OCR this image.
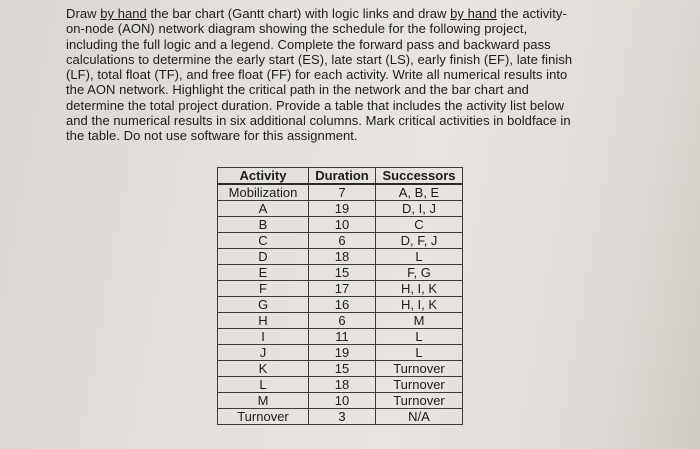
Draw by hand the bar chart (Gantt chart) with logic links and draw by hand the activity-
on-node (AON) network diagram showing the schedule for the following project,
including the full logic and a legend. Complete the forward pass and backward pass
calculations to determine the early start (ES), late start (LS), early finish (EF), late finish
(LF), total float (TF), and free float (FF) for each activity. Write all numerical results into
the AON network. Highlight the critical path in the network and the bar chart and
determine the total project duration. Provide a table that includes the activity list below
and the numerical results in six additional columns. Mark critical activities in boldface in
the table. Do not use software for this assignment.
Activity	Duration	Successors
Mobilization	7	A, B, E
A	19	D, I, J
B	10	C
C	6	D, F, J
D	18	L
E	15	F, G
F	17	H, I, K
G	16	H, I, K
H	6	M
I	11	L
J	19	L
K	15	Turnover
L	18	Turnover
M	10	Turnover
Turnover	3	N/A
